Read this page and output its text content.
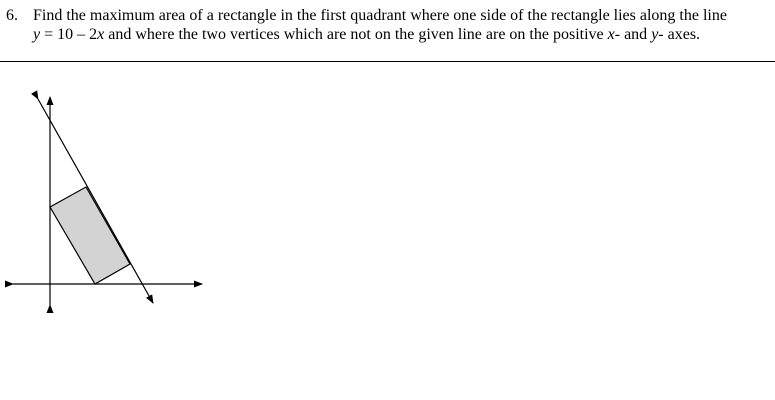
6. Find the maximum area of a rectangle in the first quadrant where one side of the rectangle lies along the line
y = 10 – 2x and where the two vertices which are not on the given line are on the positive x- and y- axes.
